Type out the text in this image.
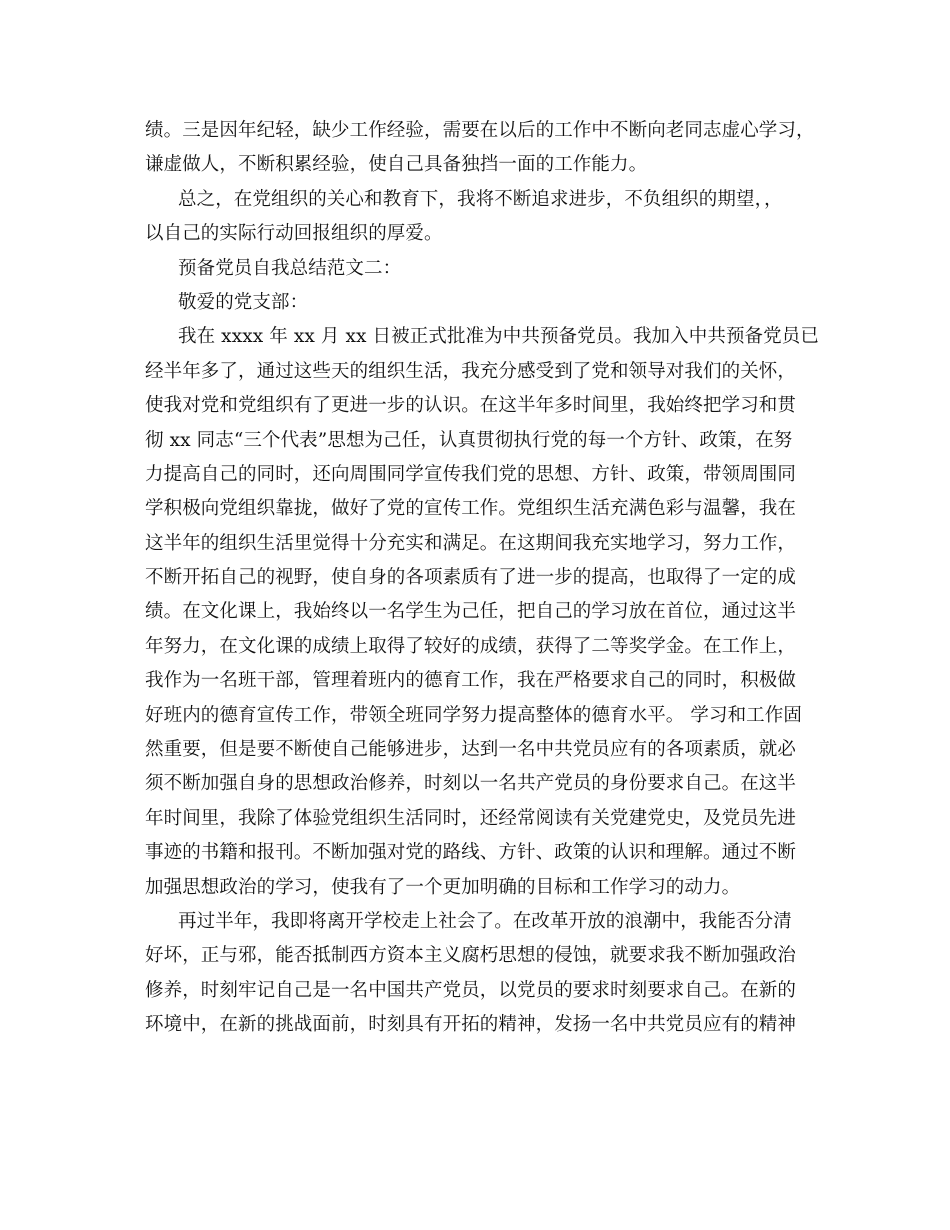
绩。三是因年纪轻，缺少工作经验，需要在以后的工作中不断向老同志虚心学习，
谦虚做人，不断积累经验，使自己具备独挡一面的工作能力。
总之，在党组织的关心和教育下，我将不断追求进步，不负组织的期望，，
以自己的实际行动回报组织的厚爱。
预备党员自我总结范文二：
敬爱的党支部：
我在 xxxx 年 xx 月 xx 日被正式批准为中共预备党员。我加入中共预备党员已
经半年多了，通过这些天的组织生活，我充分感受到了党和领导对我们的关怀，
使我对党和党组织有了更进一步的认识。在这半年多时间里，我始终把学习和贯
彻 xx 同志“三个代表”思想为己任，认真贯彻执行党的每一个方针、政策，在努
力提高自己的同时，还向周围同学宣传我们党的思想、方针、政策，带领周围同
学积极向党组织靠拢，做好了党的宣传工作。党组织生活充满色彩与温馨，我在
这半年的组织生活里觉得十分充实和满足。在这期间我充实地学习，努力工作，
不断开拓自己的视野，使自身的各项素质有了进一步的提高，也取得了一定的成
绩。在文化课上，我始终以一名学生为己任，把自己的学习放在首位，通过这半
年努力，在文化课的成绩上取得了较好的成绩，获得了二等奖学金。在工作上，
我作为一名班干部，管理着班内的德育工作，我在严格要求自己的同时，积极做
好班内的德育宣传工作，带领全班同学努力提高整体的德育水平。 学习和工作固
然重要，但是要不断使自己能够进步，达到一名中共党员应有的各项素质，就必
须不断加强自身的思想政治修养，时刻以一名共产党员的身份要求自己。在这半
年时间里，我除了体验党组织生活同时，还经常阅读有关党建党史，及党员先进
事迹的书籍和报刊。不断加强对党的路线、方针、政策的认识和理解。通过不断
加强思想政治的学习，使我有了一个更加明确的目标和工作学习的动力。
再过半年，我即将离开学校走上社会了。在改革开放的浪潮中，我能否分清
好坏，正与邪，能否抵制西方资本主义腐朽思想的侵蚀，就要求我不断加强政治
修养，时刻牢记自己是一名中国共产党员，以党员的要求时刻要求自己。在新的
环境中，在新的挑战面前，时刻具有开拓的精神，发扬一名中共党员应有的精神
